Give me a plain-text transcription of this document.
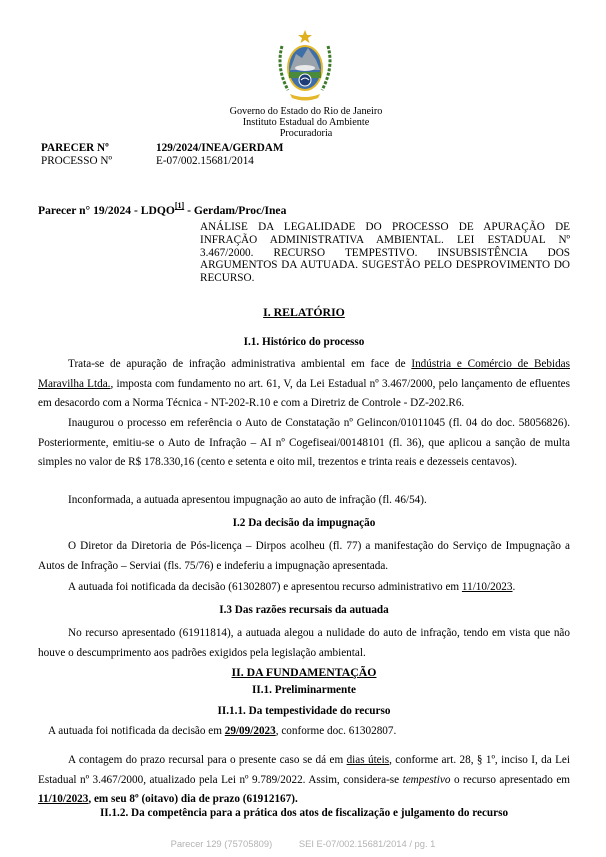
Governo do Estado do Rio de Janeiro
Instituto Estadual do Ambiente
Procuradoria
PARECER Nº	129/2024/INEA/GERDAM
PROCESSO Nº	E-07/002.15681/2014
Parecer n° 19/2024 - LDQO[1] - Gerdam/Proc/Inea
ANÁLISE DA LEGALIDADE DO PROCESSO DE APURAÇÃO DE INFRAÇÃO ADMINISTRATIVA AMBIENTAL. LEI ESTADUAL Nº 3.467/2000. RECURSO TEMPESTIVO. INSUBSISTÊNCIA DOS ARGUMENTOS DA AUTUADA. SUGESTÃO PELO DESPROVIMENTO DO RECURSO.
I. RELATÓRIO
I.1. Histórico do processo

Trata-se de apuração de infração administrativa ambiental em face de Indústria e Comércio de Bebidas Maravilha Ltda., imposta com fundamento no art. 61, V, da Lei Estadual nº 3.467/2000, pelo lançamento de efluentes em desacordo com a Norma Técnica - NT-202-R.10 e com a Diretriz de Controle - DZ-202.R6.

Inaugurou o processo em referência o Auto de Constatação nº Gelincon/01011045 (fl. 04 do doc. 58056826). Posteriormente, emitiu-se o Auto de Infração – AI nº Cogefiseai/00148101 (fl. 36), que aplicou a sanção de multa simples no valor de R$ 178.330,16 (cento e setenta e oito mil, trezentos e trinta reais e dezesseis centavos).

Inconformada, a autuada apresentou impugnação ao auto de infração (fl. 46/54).

I.2 Da decisão da impugnação

O Diretor da Diretoria de Pós-licença – Dirpos acolheu (fl. 77) a manifestação do Serviço de Impugnação a Autos de Infração – Serviai (fls. 75/76) e indeferiu a impugnação apresentada.

A autuada foi notificada da decisão (61302807) e apresentou recurso administrativo em 11/10/2023.

I.3 Das razões recursais da autuada

No recurso apresentado (61911814), a autuada alegou a nulidade do auto de infração, tendo em vista que não houve o descumprimento aos padrões exigidos pela legislação ambiental.

II. DA FUNDAMENTAÇÃO
II.1. Preliminarmente
II.1.1. Da tempestividade do recurso

A autuada foi notificada da decisão em 29/09/2023, conforme doc. 61302807.

A contagem do prazo recursal para o presente caso se dá em dias úteis, conforme art. 28, § 1º, inciso I, da Lei Estadual nº 3.467/2000, atualizado pela Lei nº 9.789/2022. Assim, considera-se tempestivo o recurso apresentado em 11/10/2023, em seu 8º (oitavo) dia de prazo (61912167).

II.1.2. Da competência para a prática dos atos de fiscalização e julgamento do recurso
Parecer 129 (75705809)	SEI E-07/002.15681/2014 / pg. 1
